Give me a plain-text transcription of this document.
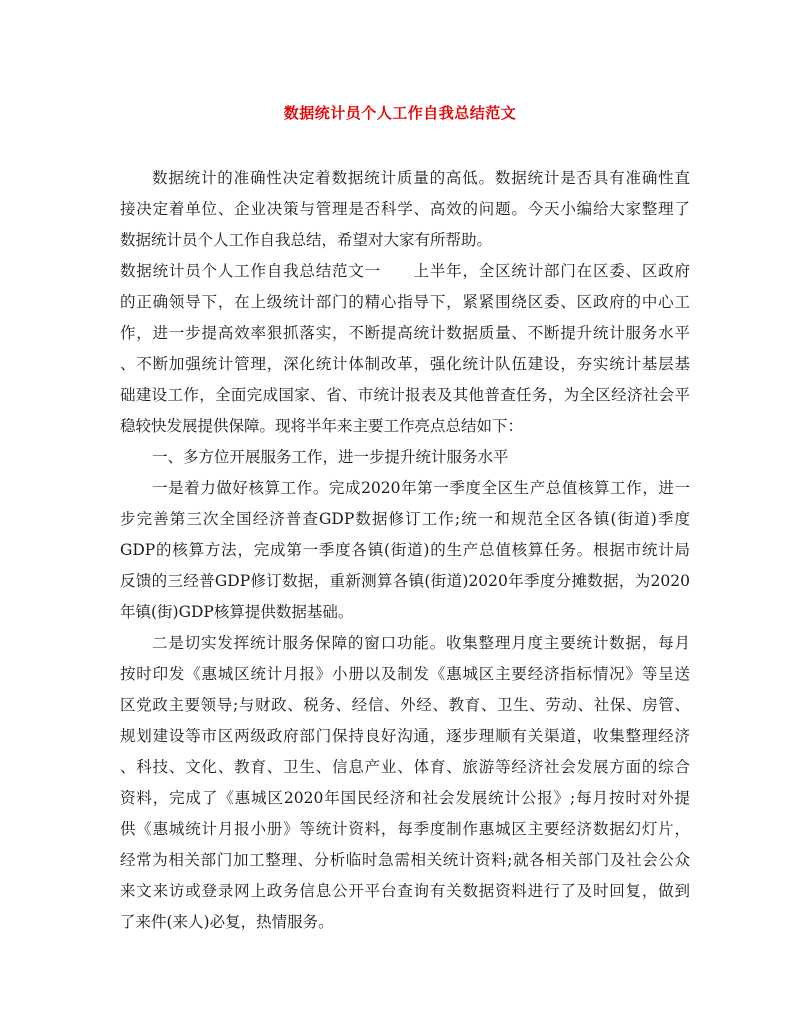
数据统计员个人工作自我总结范文
数据统计的准确性决定着数据统计质量的高低。数据统计是否具有准确性直
接决定着单位、企业决策与管理是否科学、高效的问题。今天小编给大家整理了
数据统计员个人工作自我总结，希望对大家有所帮助。
数据统计员个人工作自我总结范文一　　上半年，全区统计部门在区委、区政府
的正确领导下，在上级统计部门的精心指导下，紧紧围绕区委、区政府的中心工
作，进一步提高效率狠抓落实，不断提高统计数据质量、不断提升统计服务水平
、不断加强统计管理，深化统计体制改革，强化统计队伍建设，夯实统计基层基
础建设工作，全面完成国家、省、市统计报表及其他普查任务，为全区经济社会平
稳较快发展提供保障。现将半年来主要工作亮点总结如下：
一、多方位开展服务工作，进一步提升统计服务水平
一是着力做好核算工作。完成2020年第一季度全区生产总值核算工作，进一
步完善第三次全国经济普查GDP数据修订工作;统一和规范全区各镇(街道)季度
GDP的核算方法，完成第一季度各镇(街道)的生产总值核算任务。根据市统计局
反馈的三经普GDP修订数据，重新测算各镇(街道)2020年季度分摊数据，为2020
年镇(街)GDP核算提供数据基础。
二是切实发挥统计服务保障的窗口功能。收集整理月度主要统计数据，每月
按时印发《惠城区统计月报》小册以及制发《惠城区主要经济指标情况》等呈送
区党政主要领导;与财政、税务、经信、外经、教育、卫生、劳动、社保、房管、
规划建设等市区两级政府部门保持良好沟通，逐步理顺有关渠道，收集整理经济
、科技、文化、教育、卫生、信息产业、体育、旅游等经济社会发展方面的综合
资料，完成了《惠城区2020年国民经济和社会发展统计公报》;每月按时对外提
供《惠城统计月报小册》等统计资料，每季度制作惠城区主要经济数据幻灯片，
经常为相关部门加工整理、分析临时急需相关统计资料;就各相关部门及社会公众
来文来访或登录网上政务信息公开平台查询有关数据资料进行了及时回复，做到
了来件(来人)必复，热情服务。
